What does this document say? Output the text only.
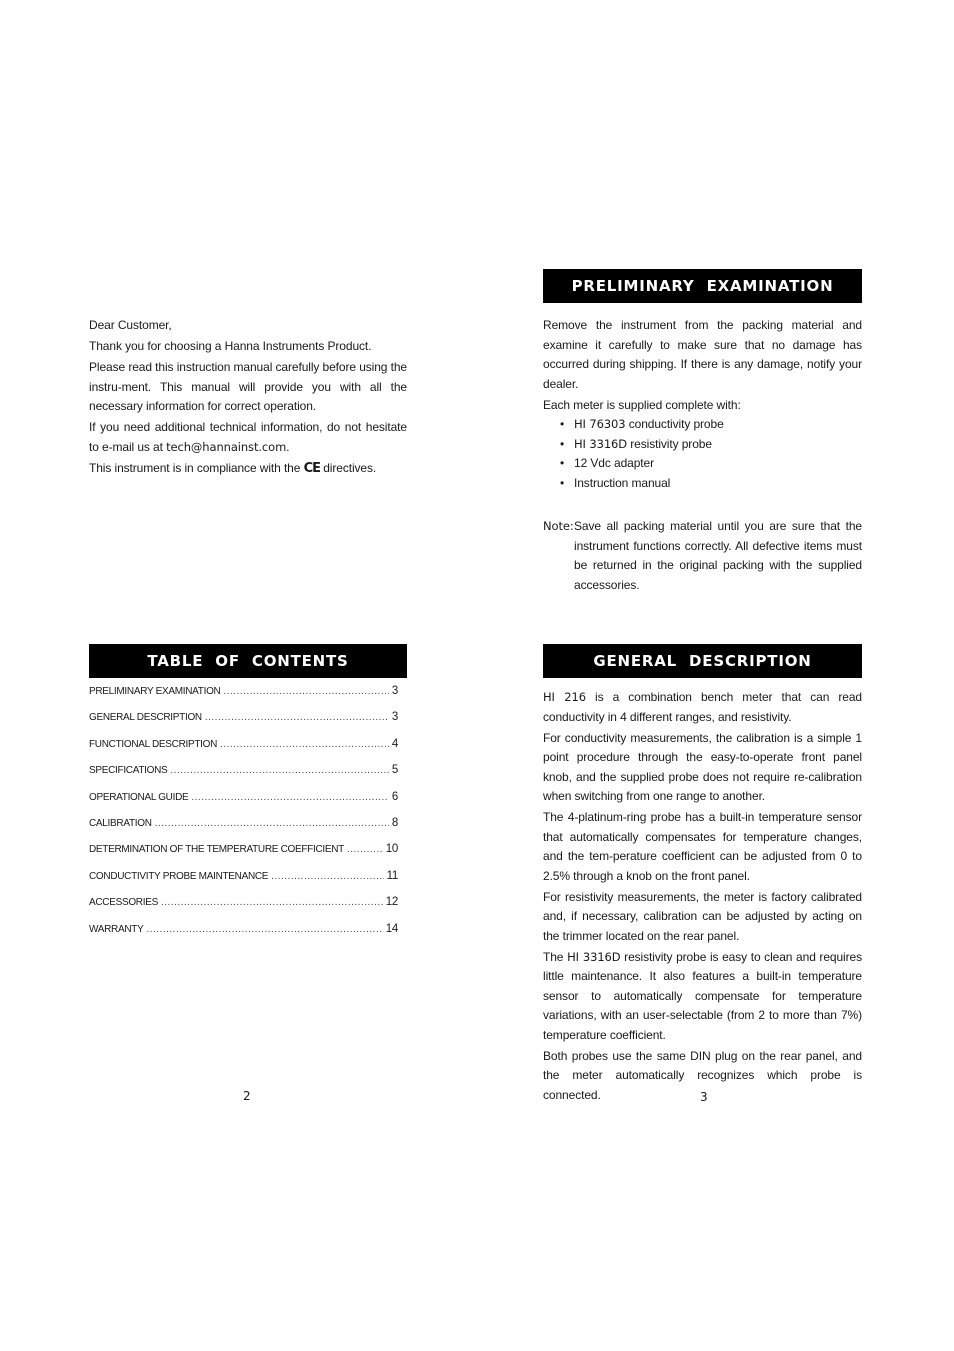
Dear Customer,

Thank you for choosing a Hanna Instruments Product.

Please read this instruction manual carefully before using the instru-ment. This manual will provide you with all the necessary information for correct operation.

If you need additional technical information, do not hesitate to e-mail us at tech@hannainst.com.

This instrument is in compliance with the CE directives.

TABLE OF CONTENTS
PRELIMINARY EXAMINATION .....	3
GENERAL DESCRIPTION .....	3
FUNCTIONAL DESCRIPTION .....	4
SPECIFICATIONS .....	5
OPERATIONAL GUIDE .....	6
CALIBRATION .....	8
DETERMINATION OF THE TEMPERATURE COEFFICIENT .....	10
CONDUCTIVITY PROBE MAINTENANCE .....	11
ACCESSORIES .....	12
WARRANTY .....	14
2
PRELIMINARY EXAMINATION

Remove the instrument from the packing material and examine it carefully to make sure that no damage has occurred during shipping. If there is any damage, notify your dealer.

Each meter is supplied complete with:

• HI 76303 conductivity probe
• HI 3316D resistivity probe
• 12 Vdc adapter
• Instruction manual
Note: Save all packing material until you are sure that the instrument functions correctly. All defective items must be returned in the original packing with the supplied accessories.
GENERAL DESCRIPTION

HI 216 is a combination bench meter that can read conductivity in 4 different ranges, and resistivity.

For conductivity measurements, the calibration is a simple 1 point procedure through the easy-to-operate front panel knob, and the supplied probe does not require re-calibration when switching from one range to another.

The 4-platinum-ring probe has a built-in temperature sensor that automatically compensates for temperature changes, and the tem-perature coefficient can be adjusted from 0 to 2.5% through a knob on the front panel.

For resistivity measurements, the meter is factory calibrated and, if necessary, calibration can be adjusted by acting on the trimmer located on the rear panel.

The HI 3316D resistivity probe is easy to clean and requires little maintenance. It also features a built-in temperature sensor to automatically compensate for temperature variations, with an user-selectable (from 2 to more than 7%) temperature coefficient.

Both probes use the same DIN plug on the rear panel, and the meter automatically recognizes which probe is connected.	3
